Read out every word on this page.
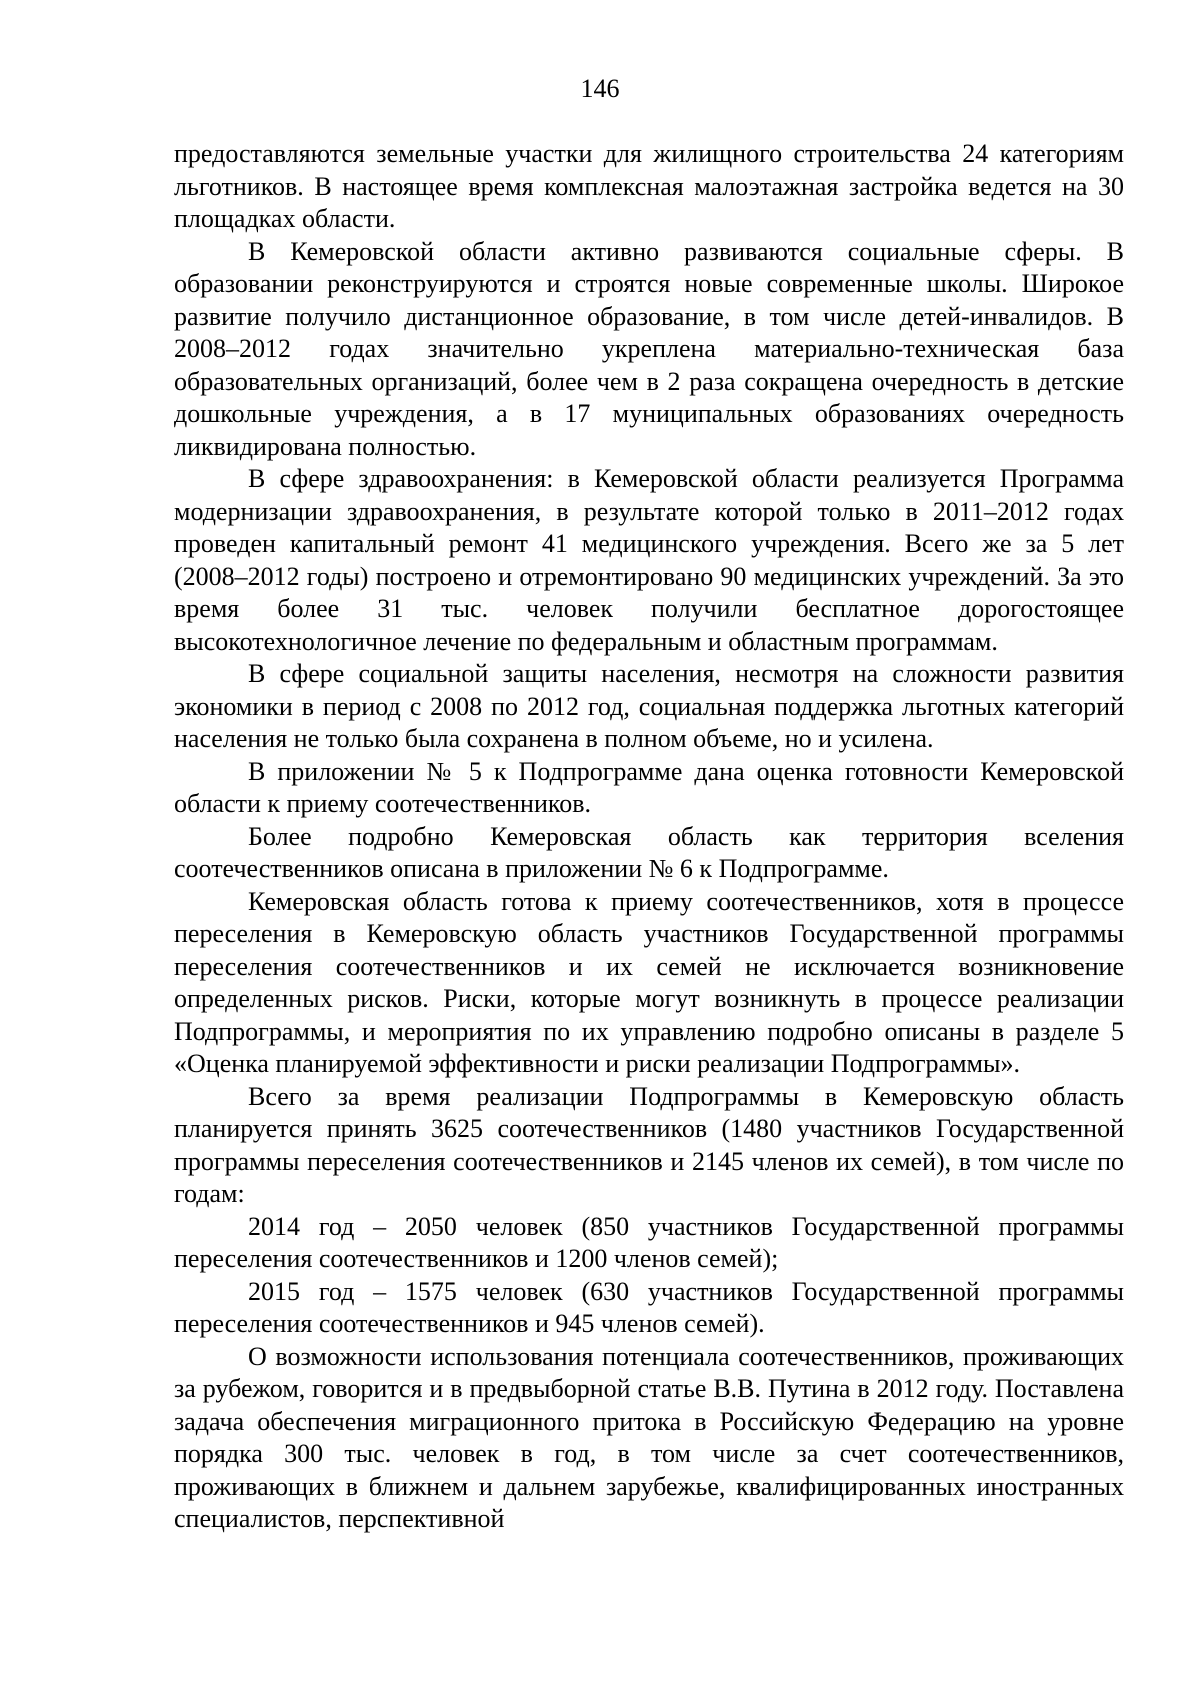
146

предоставляются земельные участки для жилищного строительства 24 категориям льготников. В настоящее время комплексная малоэтажная застройка ведется на 30 площадках области.

В Кемеровской области активно развиваются социальные сферы. В образовании реконструируются и строятся новые современные школы. Широкое развитие получило дистанционное образование, в том числе детей-инвалидов. В 2008–2012 годах значительно укреплена материально-техническая база образовательных организаций, более чем в 2 раза сокращена очередность в детские дошкольные учреждения, а в 17 муниципальных образованиях очередность ликвидирована полностью.

В сфере здравоохранения: в Кемеровской области реализуется Программа модернизации здравоохранения, в результате которой только в 2011–2012 годах проведен капитальный ремонт 41 медицинского учреждения. Всего же за 5 лет (2008–2012 годы) построено и отремонтировано 90 медицинских учреждений. За это время более 31 тыс. человек получили бесплатное дорогостоящее высокотехнологичное лечение по федеральным и областным программам.

В сфере социальной защиты населения, несмотря на сложности развития экономики в период с 2008 по 2012 год, социальная поддержка льготных категорий населения не только была сохранена в полном объеме, но и усилена.

В приложении № 5 к Подпрограмме дана оценка готовности Кемеровской области к приему соотечественников.

Более подробно Кемеровская область как территория вселения соотечественников описана в приложении № 6 к Подпрограмме.

Кемеровская область готова к приему соотечественников, хотя в процессе переселения в Кемеровскую область участников Государственной программы переселения соотечественников и их семей не исключается возникновение определенных рисков. Риски, которые могут возникнуть в процессе реализации Подпрограммы, и мероприятия по их управлению подробно описаны в разделе 5 «Оценка планируемой эффективности и риски реализации Подпрограммы».

Всего за время реализации Подпрограммы в Кемеровскую область планируется принять 3625 соотечественников (1480 участников Государственной программы переселения соотечественников и 2145 членов их семей), в том числе по годам:

2014 год – 2050 человек (850 участников Государственной программы переселения соотечественников и 1200 членов семей);

2015 год – 1575 человек (630 участников Государственной программы переселения соотечественников и 945 членов семей).

О возможности использования потенциала соотечественников, проживающих за рубежом, говорится и в предвыборной статье В.В. Путина в 2012 году. Поставлена задача обеспечения миграционного притока в Российскую Федерацию на уровне порядка 300 тыс. человек в год, в том числе за счет соотечественников, проживающих в ближнем и дальнем зарубежье, квалифицированных иностранных специалистов, перспективной
